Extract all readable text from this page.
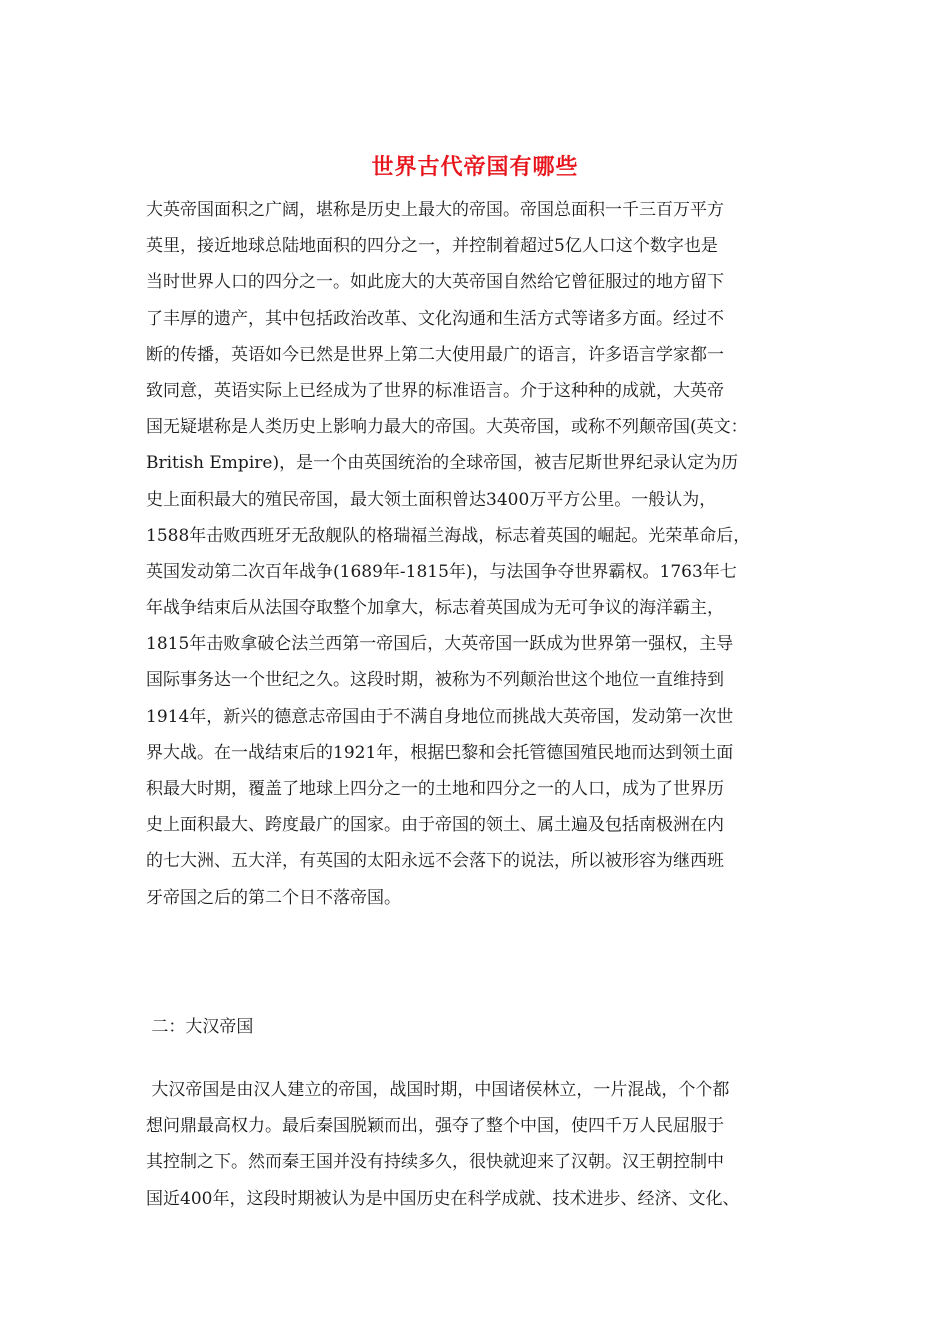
世界古代帝国有哪些
大英帝国面积之广阔，堪称是历史上最大的帝国。帝国总面积一千三百万平方
英里，接近地球总陆地面积的四分之一，并控制着超过5亿人口这个数字也是
当时世界人口的四分之一。如此庞大的大英帝国自然给它曾征服过的地方留下
了丰厚的遗产，其中包括政治改革、文化沟通和生活方式等诸多方面。经过不
断的传播，英语如今已然是世界上第二大使用最广的语言，许多语言学家都一
致同意，英语实际上已经成为了世界的标准语言。介于这种种的成就，大英帝
国无疑堪称是人类历史上影响力最大的帝国。大英帝国，或称不列颠帝国(英文：
British Empire)，是一个由英国统治的全球帝国，被吉尼斯世界纪录认定为历
史上面积最大的殖民帝国，最大领土面积曾达3400万平方公里。一般认为，
1588年击败西班牙无敌舰队的格瑞福兰海战，标志着英国的崛起。光荣革命后，
英国发动第二次百年战争(1689年-1815年)，与法国争夺世界霸权。1763年七
年战争结束后从法国夺取整个加拿大，标志着英国成为无可争议的海洋霸主，
1815年击败拿破仑法兰西第一帝国后，大英帝国一跃成为世界第一强权，主导
国际事务达一个世纪之久。这段时期，被称为不列颠治世这个地位一直维持到
1914年，新兴的德意志帝国由于不满自身地位而挑战大英帝国，发动第一次世
界大战。在一战结束后的1921年，根据巴黎和会托管德国殖民地而达到领土面
积最大时期，覆盖了地球上四分之一的土地和四分之一的人口，成为了世界历
史上面积最大、跨度最广的国家。由于帝国的领土、属土遍及包括南极洲在内
的七大洲、五大洋，有英国的太阳永远不会落下的说法，所以被形容为继西班
牙帝国之后的第二个日不落帝国。
二：大汉帝国
大汉帝国是由汉人建立的帝国，战国时期，中国诸侯林立，一片混战，个个都
想问鼎最高权力。最后秦国脱颖而出，强夺了整个中国，使四千万人民屈服于
其控制之下。然而秦王国并没有持续多久，很快就迎来了汉朝。汉王朝控制中
国近400年，这段时期被认为是中国历史在科学成就、技术进步、经济、文化、
